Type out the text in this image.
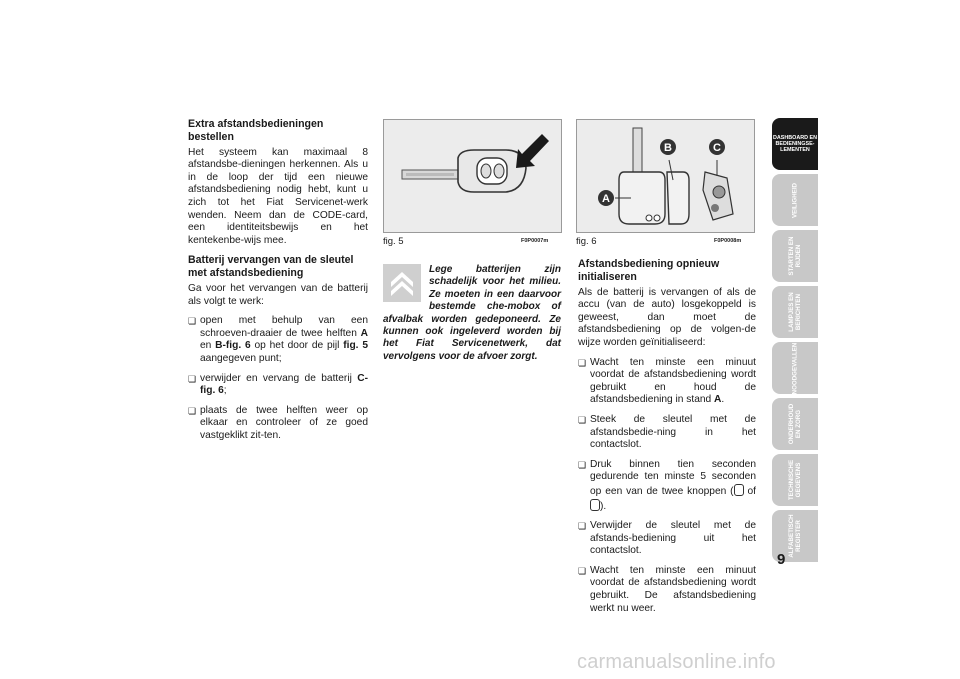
Extra afstandsbedieningen bestellen

Het systeem kan maximaal 8 afstandsbe-dieningen herkennen. Als u in de loop der tijd een nieuwe afstandsbediening nodig hebt, kunt u zich tot het Fiat Servicenet-werk wenden. Neem dan de CODE-card, een identiteitsbewijs en het kentekenbe-wijs mee.

Batterij vervangen van de sleutel met afstandsbediening

Ga voor het vervangen van de batterij als volgt te werk:

❏ open met behulp van een schroeven-draaier de twee helften A en B-fig. 6 op het door de pijl fig. 5 aangegeven punt;
❏ verwijder en vervang de batterij C-fig. 6;
❏ plaats de twee helften weer op elkaar en controleer of ze goed vastgeklikt zit-ten.
fig. 5	F0P0007m
A
B	C
fig. 6	F0P0008m
Lege batterijen zijn schadelijk voor het milieu. Ze moeten in een daarvoor bestemde che-mobox of afvalbak worden gedeponeerd. Ze kunnen ook ingeleverd worden bij het Fiat Servicenetwerk, dat vervolgens voor de afvoer zorgt.
Afstandsbediening opnieuw initialiseren

Als de batterij is vervangen of als de accu (van de auto) losgekoppeld is geweest, dan moet de afstandsbediening op de volgen-de wijze worden geïnitialiseerd:

❏ Wacht ten minste een minuut voordat de afstandsbediening wordt gebruikt en houd de afstandsbediening in stand A.
❏ Steek de sleutel met de afstandsbedie-ning in het contactslot.
❏ Druk binnen tien seconden gedurende ten minste 5 seconden op een van de twee knoppen ( of ).
❏ Verwijder de sleutel met de afstands-bediening uit het contactslot.
❏ Wacht ten minste een minuut voordat de afstandsbediening wordt gebruikt. De afstandsbediening werkt nu weer.
DASHBOARD EN
BEDIENINGSE-
LEMENTEN
VEILIGHEID
STARTEN EN
RIJDEN
LAMPJES EN
BERICHTEN
NOODGEVALLEN
ONDERHOUD
EN ZORG
TECHNISCHE
GEGEVENS
ALFABETISCH
REGISTER
9
carmanualsonline.info
